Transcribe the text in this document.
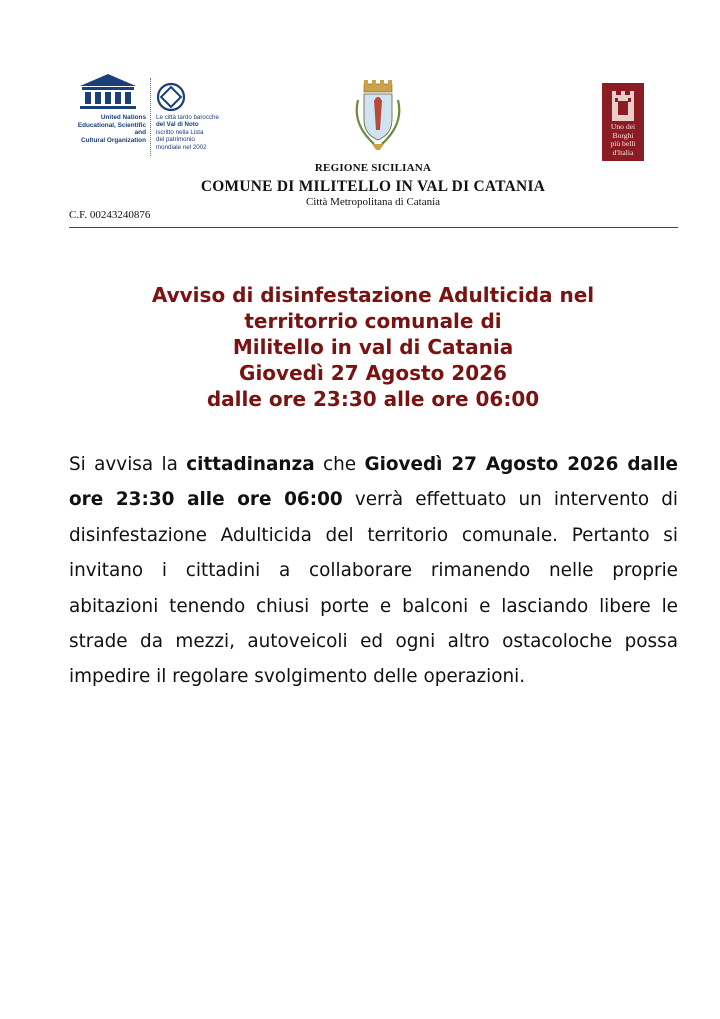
United Nations
Educational, Scientific and
Cultural Organization
Le città tardo barocche
del Val di Noto
iscritto nella Lista
del patrimonio
mondiale nel 2002
Uno dei
Borghi
più belli
d'Italia
REGIONE SICILIANA
COMUNE DI MILITELLO IN VAL DI CATANIA
Città Metropolitana di Catania
C.F. 00243240876
Avviso di disinfestazione Adulticida nel
territorrio comunale di
Militello in val di Catania
Giovedì 27 Agosto 2026
dalle ore 23:30 alle ore 06:00
Si avvisa la cittadinanza che Giovedì 27 Agosto 2026 dalle ore 23:30 alle ore 06:00 verrà effettuato un intervento di disinfestazione Adulticida del territorio comunale. Pertanto si invitano i cittadini a collaborare rimanendo nelle proprie abitazioni tenendo chiusi porte e balconi e lasciando libere le strade da mezzi, autoveicoli ed ogni altro ostacoloche possa impedire il regolare svolgimento delle operazioni.
